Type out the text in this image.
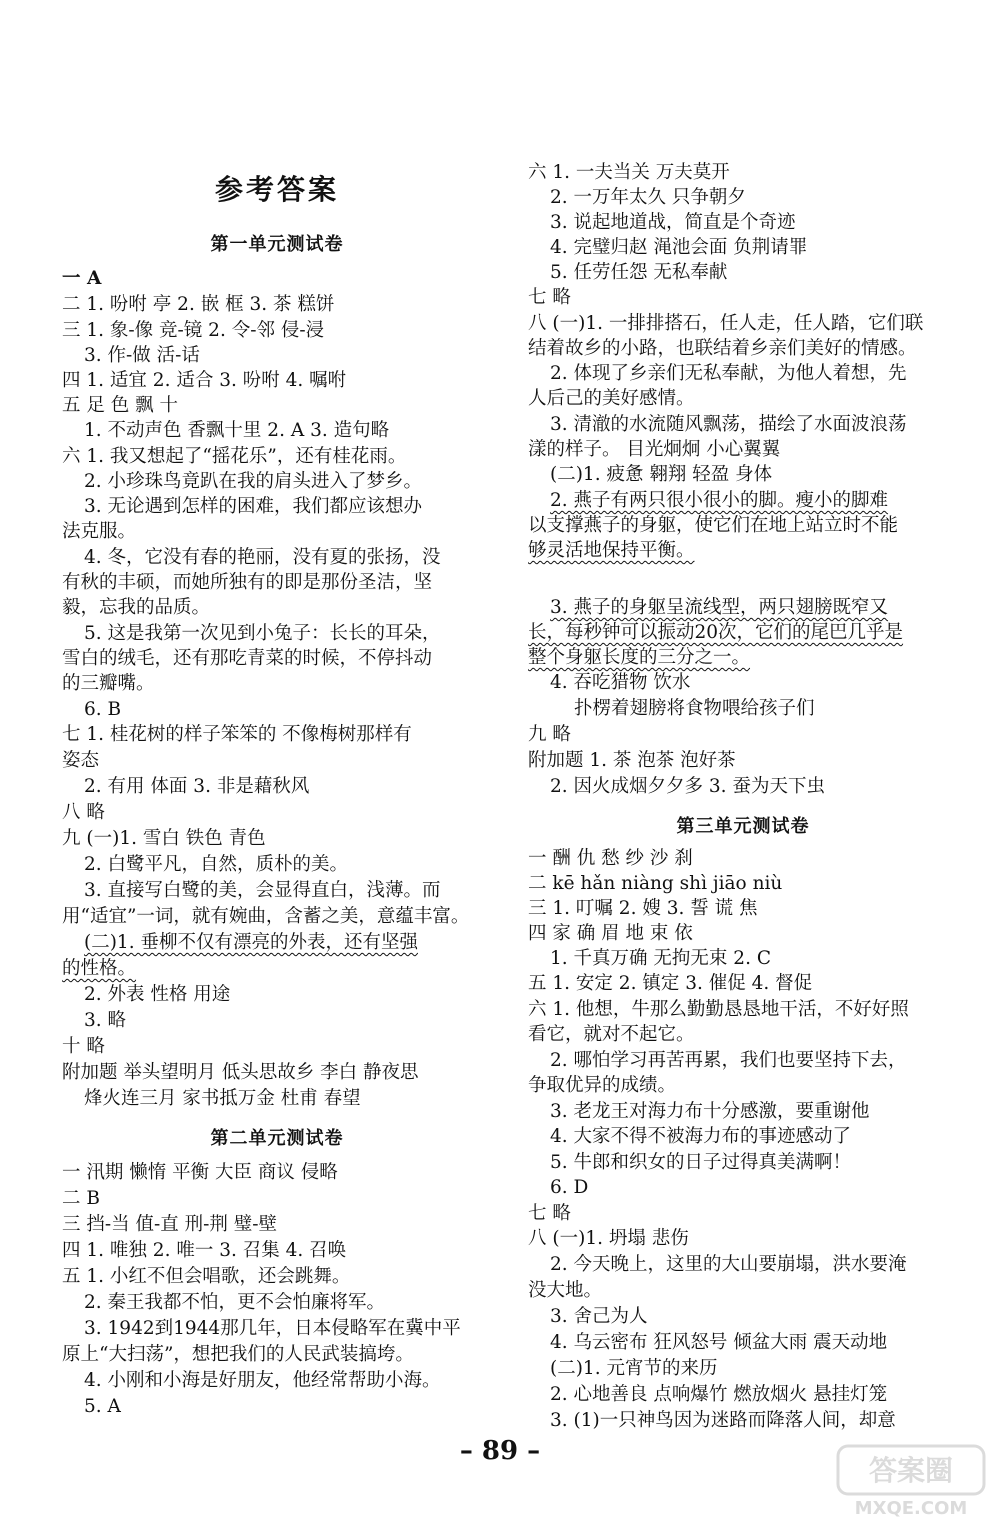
参考答案
第一单元测试卷
一 A
二 1. 吩咐 亭 2. 嵌 框 3. 茶 糕饼
三 1. 象-像 竞-镜 2. 令-邻 侵-浸
3. 作-做 活-话
四 1. 适宜 2. 适合 3. 吩咐 4. 嘱咐
五 足 色 飘 十
1. 不动声色 香飘十里 2. A 3. 造句略
六 1. 我又想起了“摇花乐”，还有桂花雨。
2. 小珍珠鸟竟趴在我的肩头进入了梦乡。
3. 无论遇到怎样的困难，我们都应该想办
法克服。
4. 冬，它没有春的艳丽，没有夏的张扬，没
有秋的丰硕，而她所独有的即是那份圣洁，坚
毅，忘我的品质。
5. 这是我第一次见到小兔子：长长的耳朵，
雪白的绒毛，还有那吃青菜的时候，不停抖动
的三瓣嘴。
6. B
七 1. 桂花树的样子笨笨的 不像梅树那样有
姿态
2. 有用 体面 3. 非是藉秋风
八 略
九 (一)1. 雪白 铁色 青色
2. 白鹭平凡，自然，质朴的美。
3. 直接写白鹭的美，会显得直白，浅薄。而
用“适宜”一词，就有婉曲，含蓄之美，意蕴丰富。
(二)1. 垂柳不仅有漂亮的外表，还有坚强
的性格。
2. 外表 性格 用途
3. 略
十 略
附加题 举头望明月 低头思故乡 李白 静夜思
烽火连三月 家书抵万金 杜甫 春望
第二单元测试卷
一 汛期 懒惰 平衡 大臣 商议 侵略
二 B
三 挡-当 值-直 刑-荆 璧-壁
四 1. 唯独 2. 唯一 3. 召集 4. 召唤
五 1. 小红不但会唱歌，还会跳舞。
2. 秦王我都不怕，更不会怕廉将军。
3. 1942到1944那几年，日本侵略军在冀中平
原上“大扫荡”，想把我们的人民武装搞垮。
4. 小刚和小海是好朋友，他经常帮助小海。
5. A
六 1. 一夫当关 万夫莫开
2. 一万年太久 只争朝夕
3. 说起地道战，简直是个奇迹
4. 完璧归赵 渑池会面 负荆请罪
5. 任劳任怨 无私奉献
七 略
八 (一)1. 一排排搭石，任人走，任人踏，它们联
结着故乡的小路，也联结着乡亲们美好的情感。
2. 体现了乡亲们无私奉献，为他人着想，先
人后己的美好感情。
3. 清澈的水流随风飘荡，描绘了水面波浪荡
漾的样子。 目光炯炯 小心翼翼
(二)1. 疲惫 翱翔 轻盈 身体
2. 燕子有两只很小很小的脚。瘦小的脚难
以支撑燕子的身躯，使它们在地上站立时不能
够灵活地保持平衡。
3. 燕子的身躯呈流线型，两只翅膀既窄又
长，每秒钟可以振动20次，它们的尾巴几乎是
整个身躯长度的三分之一。
4. 吞吃猎物 饮水
扑楞着翅膀将食物喂给孩子们
九 略
附加题 1. 茶 泡茶 泡好茶
2. 因火成烟夕夕多 3. 蚕为天下虫
第三单元测试卷
一 酬 仇 愁 纱 沙 刹
二 kē hǎn niàng shì jiāo niù
三 1. 叮嘱 2. 嫂 3. 誓 谎 焦
四 家 确 眉 地 束 依
1. 千真万确 无拘无束 2. C
五 1. 安定 2. 镇定 3. 催促 4. 督促
六 1. 他想，牛那么勤勤恳恳地干活，不好好照
看它，就对不起它。
2. 哪怕学习再苦再累，我们也要坚持下去，
争取优异的成绩。
3. 老龙王对海力布十分感激，要重谢他
4. 大家不得不被海力布的事迹感动了
5. 牛郎和织女的日子过得真美满啊！
6. D
七 略
八 (一)1. 坍塌 悲伤
2. 今天晚上，这里的大山要崩塌，洪水要淹
没大地。
3. 舍己为人
4. 乌云密布 狂风怒号 倾盆大雨 震天动地
(二)1. 元宵节的来历
2. 心地善良 点响爆竹 燃放烟火 悬挂灯笼
3. (1)一只神鸟因为迷路而降落人间，却意
– 89 –
答案圈
MXQE.COM
